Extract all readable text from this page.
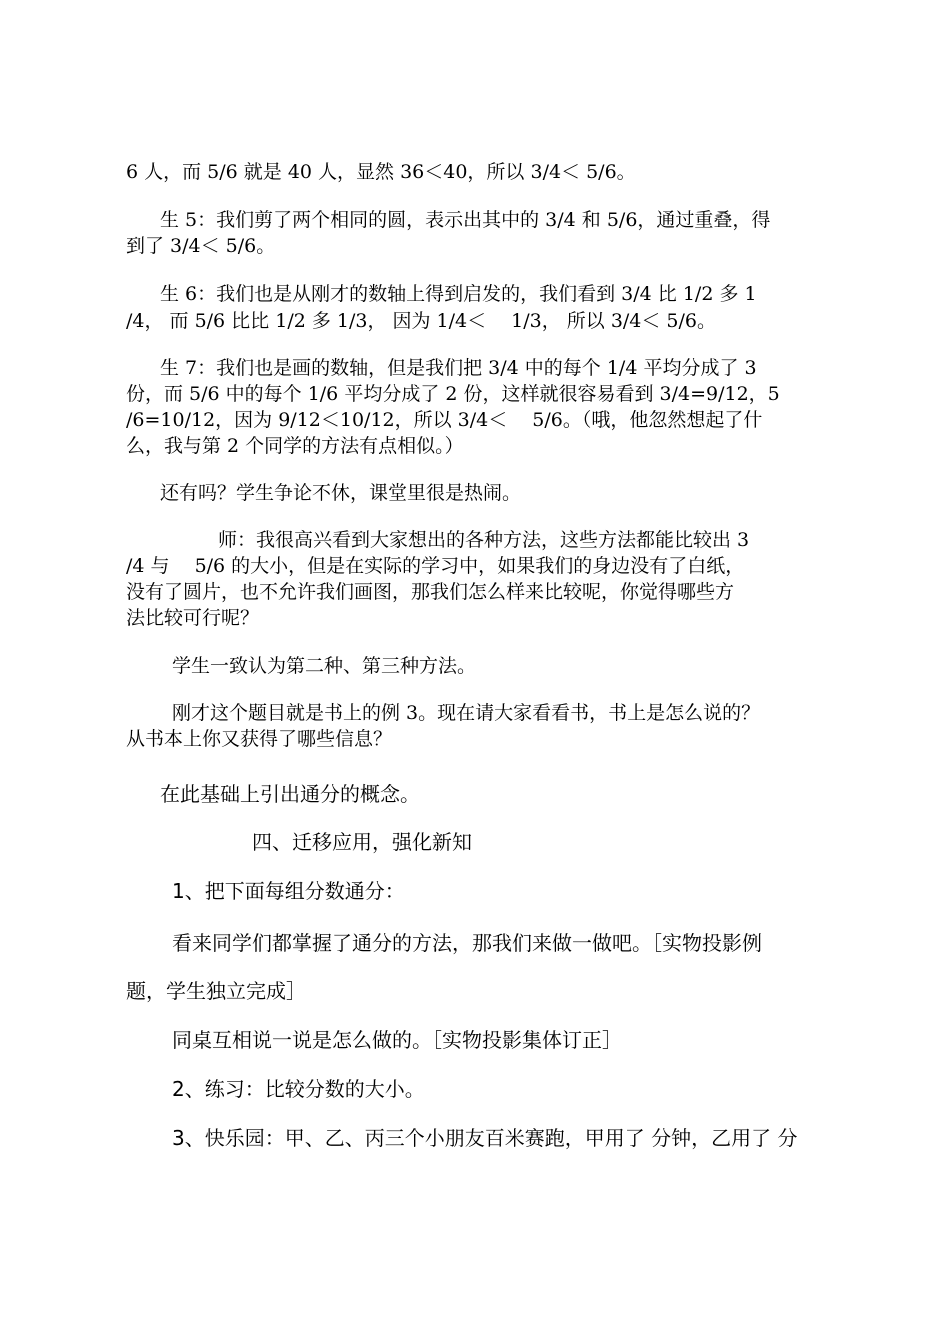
6 人，而 5/6 就是 40 人，显然 36＜40，所以 3/4＜ 5/6。

生 5：我们剪了两个相同的圆，表示出其中的 3/4 和 5/6，通过重叠，得

到了 3/4＜ 5/6。

生 6：我们也是从刚才的数轴上得到启发的，我们看到 3/4 比 1/2 多 1

/4， 而 5/6 比比 1/2 多 1/3， 因为 1/4＜　 1/3， 所以 3/4＜ 5/6。

生 7：我们也是画的数轴，但是我们把 3/4 中的每个 1/4 平均分成了 3

份，而 5/6 中的每个 1/6 平均分成了 2 份，这样就很容易看到 3/4=9/12，5

/6=10/12，因为 9/12＜10/12，所以 3/4＜　 5/6。（哦，他忽然想起了什

么，我与第 2 个同学的方法有点相似。）

还有吗？学生争论不休，课堂里很是热闹。

师：我很高兴看到大家想出的各种方法，这些方法都能比较出 3

/4 与　 5/6 的大小，但是在实际的学习中，如果我们的身边没有了白纸，

没有了圆片，也不允许我们画图，那我们怎么样来比较呢，你觉得哪些方

法比较可行呢？

学生一致认为第二种、第三种方法。

刚才这个题目就是书上的例 3。现在请大家看看书，书上是怎么说的？

从书本上你又获得了哪些信息？

在此基础上引出通分的概念。

四、迁移应用，强化新知

1、把下面每组分数通分：

看来同学们都掌握了通分的方法，那我们来做一做吧。［实物投影例

题，学生独立完成］

同桌互相说一说是怎么做的。［实物投影集体订正］

2、练习：比较分数的大小。

3、快乐园：甲、乙、丙三个小朋友百米赛跑，甲用了 分钟，乙用了 分
